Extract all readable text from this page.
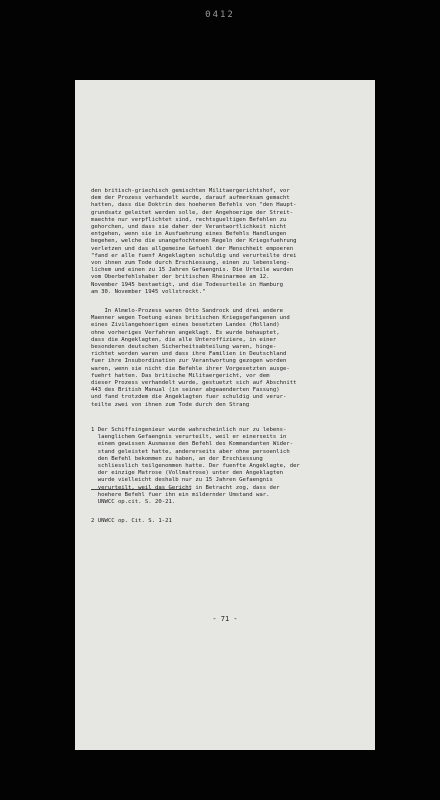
0412
den britisch-griechisch gemischten Militaergerichtshof, vor
dem der Prozess verhandelt wurde, darauf aufmerksam gemacht
hatten, dass die Doktrin des hoeheren Befehls von "den Haupt-
grundsatz geleitet werden solle, der Angehoerige der Streit-
maechte nur verpflichtet sind, rechtsgueltigen Befehlen zu
gehorchen, und dass sie daher der Verantwortlichkeit nicht
entgehen, wenn sie in Ausfuehrung eines Befehls Handlungen
begehen, welche die unangefochtenen Regeln der Kriegsfuehrung
verletzen und das allgemeine Gefuehl der Menschheit empoeren
"fand er alle fuenf Angeklagten schuldig und verurteilte drei
von ihnen zum Tode durch Erschiessung, einen zu lebensleng-
lichem und einen zu 15 Jahren Gefaengnis. Die Urteile wurden
vom Oberbefehlshaber der britischen Rheinarmee am 12.
November 1945 bestaetigt, und die Todesurteile in Hamburg
am 30. November 1945 vollstreckt."
In Almelo-Prozess waren Otto Sandrock und drei andere
Maenner wegen Toetung eines britischen Kriegsgefangenen und
eines Zivilangehoerigen eines besetzten Landes (Holland)
ohne vorheriges Verfahren angeklagt. Es wurde behauptet,
dass die Angeklagten, die alle Unteroffiziere, in einer
besonderen deutschen Sicherheitsabteilung waren, hinge-
richtet worden waren und dass ihre Familien in Deutschland
fuer ihre Insubordination zur Verantwortung gezogen worden
waren, wenn sie nicht die Befehle ihrer Vorgesetzten ausge-
fuehrt hatten. Das britische Militaergericht, vor dem
dieser Prozess verhandelt wurde, gestuetzt sich auf Abschnitt
443 des British Manual (in seiner abgeaenderten Fassung)
und fand trotzdem die Angeklagten fuer schuldig und verur-
teilte zwei von ihnen zum Tode durch den Strang
1 Der Schiffsingenieur wurde wahrscheinlich nur zu lebens-
laenglichem Gefaengnis verurteilt, weil er einerseits in
einem gewissen Ausmasse den Befehl des Kommandanten Wider-
stand geleistet hatte, andererseits aber ohne persoenlich
den Befehl bekommen zu haben, an der Erschiessung
schliesslich teilgenommen hatte. Der fuenfte Angeklagte, der
der einzige Matrose (Vollmatrose) unter den Angeklagten
wurde vielleicht deshalb nur zu 15 Jahren Gefaengnis
verurteilt, weil das Gericht in Betracht zog, dass der
hoehere Befehl fuer ihn ein mildernder Umstand war.
UNWCC op.cit. S. 20-21.
2 UNWCC op. Cit. S. 1-21
- 71 -
